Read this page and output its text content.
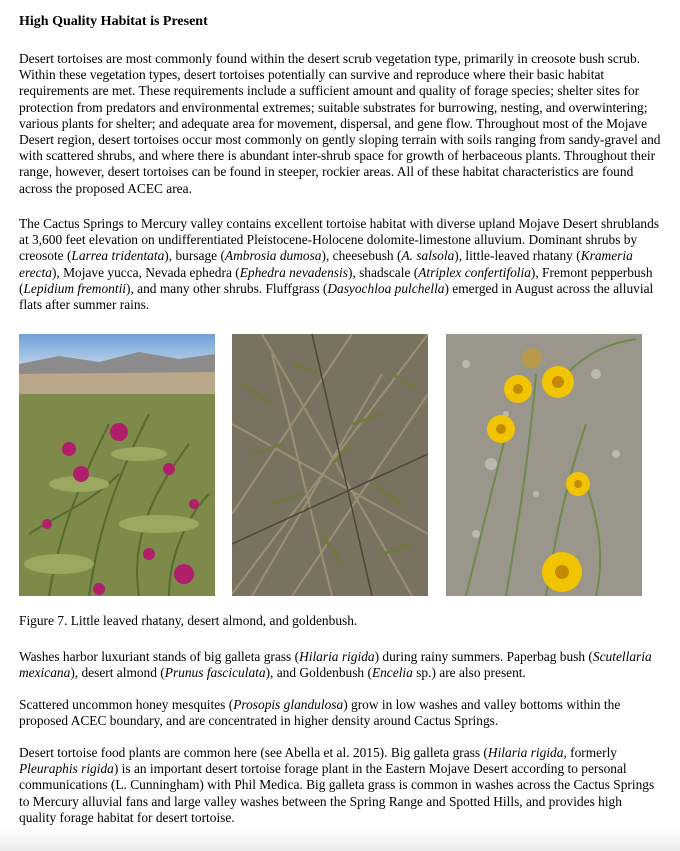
High Quality Habitat is Present

Desert tortoises are most commonly found within the desert scrub vegetation type, primarily in creosote bush scrub. Within these vegetation types, desert tortoises potentially can survive and reproduce where their basic habitat requirements are met. These requirements include a sufficient amount and quality of forage species; shelter sites for protection from predators and environmental extremes; suitable substrates for burrowing, nesting, and overwintering; various plants for shelter; and adequate area for movement, dispersal, and gene flow. Throughout most of the Mojave Desert region, desert tortoises occur most commonly on gently sloping terrain with soils ranging from sandy-gravel and with scattered shrubs, and where there is abundant inter-shrub space for growth of herbaceous plants. Throughout their range, however, desert tortoises can be found in steeper, rockier areas. All of these habitat characteristics are found across the proposed ACEC area.

The Cactus Springs to Mercury valley contains excellent tortoise habitat with diverse upland Mojave Desert shrublands at 3,600 feet elevation on undifferentiated Pleistocene-Holocene dolomite-limestone alluvium. Dominant shrubs by creosote (Larrea tridentata), bursage (Ambrosia dumosa), cheesebush (A. salsola), little-leaved rhatany (Krameria erecta), Mojave yucca, Nevada ephedra (Ephedra nevadensis), shadscale (Atriplex confertifolia), Fremont pepperbush (Lepidium fremontii), and many other shrubs. Fluffgrass (Dasyochloa pulchella) emerged in August across the alluvial flats after summer rains.

Figure 7. Little leaved rhatany, desert almond, and goldenbush.

Washes harbor luxuriant stands of big galleta grass (Hilaria rigida) during rainy summers. Paperbag bush (Scutellaria mexicana), desert almond (Prunus fasciculata), and Goldenbush (Encelia sp.) are also present.

Scattered uncommon honey mesquites (Prosopis glandulosa) grow in low washes and valley bottoms within the proposed ACEC boundary, and are concentrated in higher density around Cactus Springs.

Desert tortoise food plants are common here (see Abella et al. 2015). Big galleta grass (Hilaria rigida, formerly Pleuraphis rigida) is an important desert tortoise forage plant in the Eastern Mojave Desert according to personal communications (L. Cunningham) with Phil Medica. Big galleta grass is common in washes across the Cactus Springs to Mercury alluvial fans and large valley washes between the Spring Range and Spotted Hills, and provides high quality forage habitat for desert tortoise.
